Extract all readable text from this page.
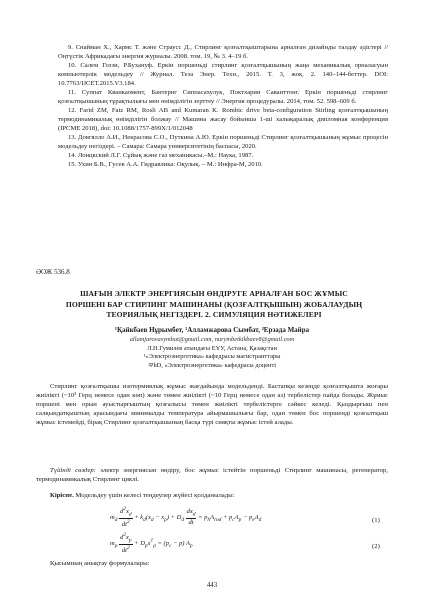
9. Снайман Х., Хармс Т. және Страусс Д., Стирлинг қозғалтқыштарына арналған дизайнды талдау әдістері // Оңтүстік Африкадағы энергия журналы. 2008. том. 19, № 3. 4–19 б.

10. Салем Гоззи, Р.Бухануф. Еркін поршеньді стирлинг қозғалтқышының жаңа механикалық орналасуын компьютерлік модельдеу // Журнал. Теза Энер. Техн., 2015. Т. 3, жоқ. 2. 140–144-беттер. DOI: 10.7763/IJCET.2015.V3.184.

11. Суппат Кванкаомент, Бантернг Сиппасахулук, Поктхарин Саванттонг. Еркін поршеньді стирлинг қозғалтқышының тұрақтылығы мен өнімділігін зерттеу // Энергия процедуралы. 2014, том. 52. 598–609 б.

12. Farid ZM, Faiz RM, Rosli AB and Kumaran K. Rombic drive beta-configuration Stirling қозғалтқышының термодинамикалық өнімділігін болжау // Машина жасау бойынша 1-ші халықаралық дипломная конференция (IPCME 2018), doi: 10.1088/1757-899X/1/012048

13. Довгялло А.И., Некрасова С.О., Путкина А.Ю. Еркін поршеньді Стирлинг қозғалтқышының жұмыс процесін модельдеу негіздері. – Самара: Самара университетінің баспасы, 2020.

14. Лоицкский Л.Г. Сұйық және газ механикасы.–М.: Наука, 1987.

15. Ухин Б.В., Гусев А.А. Гидравлика: Оқулық. – М.: Инфра-М, 2010.

ӘОЖ 536.8
ШАҒЫН ЭЛЕКТР ЭНЕРГИЯСЫН ӨНДІРУГЕ АРНАЛҒАН БОС ЖҰМЫС
ПОРШЕНІ БАР СТИРЛИНГ МАШИНАНЫ (ҚОЗҒАЛТҚЫШЫН) ЖОБАЛАУДЫҢ
ТЕОРИЯЛЫҚ НЕГІЗДЕРІ. 2. СИМУЛЯЦИЯ НӘТИЖЕЛЕРІ
¹Қайкбаев Нұрымбет, ¹Алламжарова Сымбат, ²Ерзада Майра
allamjarovasymbat@gmail.com, nurymbetkikbaev8@gmail.com
Л.Н.Гумилев атындағы ЕҰУ, Астана, Қазақстан
¹«Электроэнергетика» кафедрасы магистранттары
²PhD, «Электроэнергетика» кафедрасы доценті

Стирлинг қозғалтқышы изотермиялық жұмыс жағдайында модельденді. Бастапқы кезеңде қозғалтқышта жоғары жиілікті (~10³ Герц немесе одан көп) және төмен жиілікті (~10 Герц немесе одан аз) тербелістер пайда болады. Жұмыс поршені мен орын ауыстырғыштың қозғалысы төмен жиілікті тербелістерге сәйкес келеді. Қыздырғыш пен салқындатқыштың арасындағы минималды температура айырмашылығы бар, одан төмен бос поршенді қозғалтқыш жұмыс істемейді, бірақ Стирлинг қозғалтқышының басқа түрі сияқты жұмыс істей алады.

Түйінді сөздер: электр энергиясын өндіру, бос жұмыс істейтін поршеньді Стирлинг машинасы, регенератор, термодинамикалық Стирлинг циклі.
Кіріспе. Модельдеу үшін келесі теңдеулер жүйесі қолданылады:
$m_d \frac{d^2x_d}{dt^2} + k_d(x_d - x_p) + D_d \frac{dx_d}{dt} = p_hA_{rod} + p_cA_p - p_eA_d$	(1)
$m_p \frac{d^2x_p}{dt^2} + D_px^1_p = (p_c - p)$ $A_p$	(2)
Қысымның анықтау формулалары:
443
